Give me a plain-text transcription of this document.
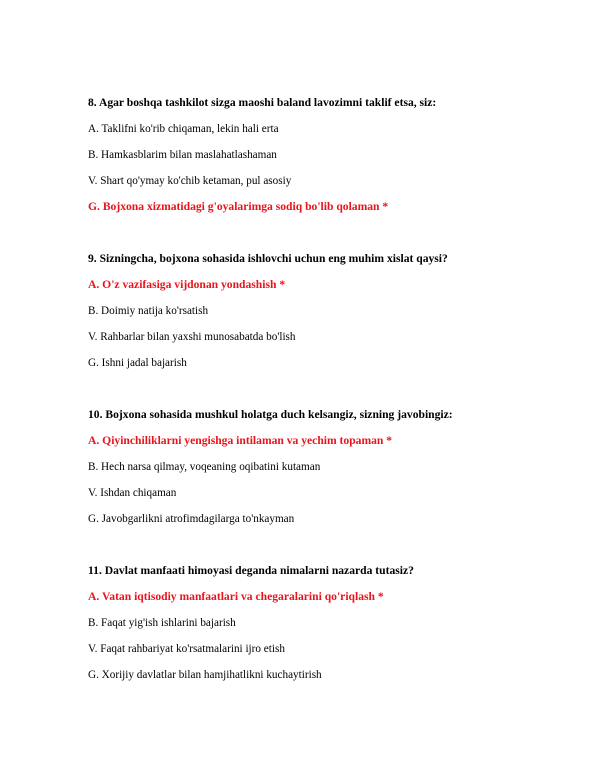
8. Agar boshqa tashkilot sizga maoshi baland lavozimni taklif etsa, siz:

A. Taklifni ko'rib chiqaman, lekin hali erta

B. Hamkasblarim bilan maslahatlashaman

V. Shart qo'ymay ko'chib ketaman, pul asosiy

G. Bojxona xizmatidagi g'oyalarimga sodiq bo'lib qolaman *

9. Sizningcha, bojxona sohasida ishlovchi uchun eng muhim xislat qaysi?

A. O'z vazifasiga vijdonan yondashish *

B. Doimiy natija ko'rsatish

V. Rahbarlar bilan yaxshi munosabatda bo'lish

G. Ishni jadal bajarish

10. Bojxona sohasida mushkul holatga duch kelsangiz, sizning javobingiz:

A. Qiyinchiliklarni yengishga intilaman va yechim topaman *

B. Hech narsa qilmay, voqeaning oqibatini kutaman

V. Ishdan chiqaman

G. Javobgarlikni atrofimdagilarga to'nkayman

11. Davlat manfaati himoyasi deganda nimalarni nazarda tutasiz?

A. Vatan iqtisodiy manfaatlari va chegaralarini qo'riqlash *

B. Faqat yig'ish ishlarini bajarish

V. Faqat rahbariyat ko'rsatmalarini ijro etish

G. Xorijiy davlatlar bilan hamjihatlikni kuchaytirish
